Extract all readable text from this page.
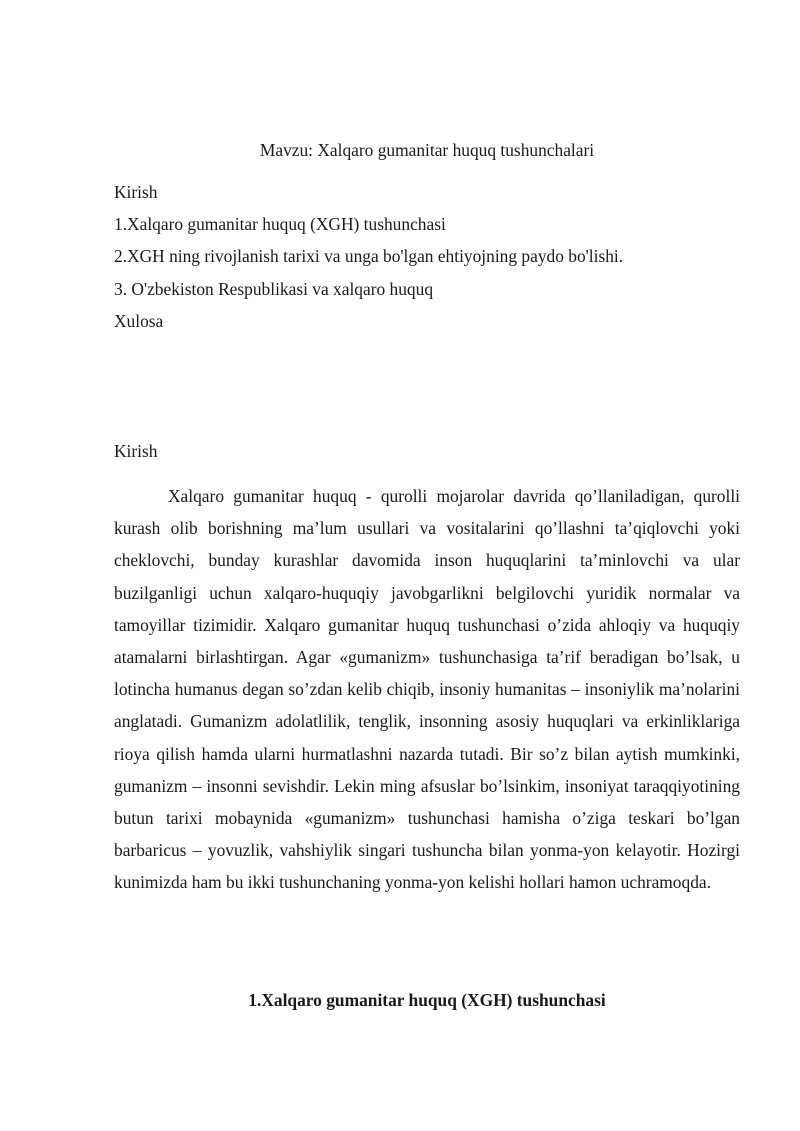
Mavzu: Xalqaro gumanitar huquq tushunchalari
Kirish
1.Xalqaro gumanitar huquq (XGH) tushunchasi
2.XGH ning rivojlanish tarixi va unga bo'lgan ehtiyojning paydo bo'lishi.
3. O'zbekiston Respublikasi va xalqaro huquq
Xulosa
Kirish

Xalqaro gumanitar huquq - qurolli mojarolar davrida qo’llaniladigan, qurolli kurash olib borishning ma’lum usullari va vositalarini qo’llashni ta’qiqlovchi yoki cheklovchi, bunday kurashlar davomida inson huquqlarini ta’minlovchi va ular buzilganligi uchun xalqaro-huquqiy javobgarlikni belgilovchi yuridik normalar va tamoyillar tizimidir. Xalqaro gumanitar huquq tushunchasi o’zida ahloqiy va huquqiy atamalarni birlashtirgan. Agar «gumanizm» tushunchasiga ta’rif beradigan bo’lsak, u lotincha humanus degan so’zdan kelib chiqib, insoniy humanitas – insoniylik ma’nolarini anglatadi. Gumanizm adolatlilik, tenglik, insonning asosiy huquqlari va erkinliklariga rioya qilish hamda ularni hurmatlashni nazarda tutadi. Bir so’z bilan aytish mumkinki, gumanizm – insonni sevishdir. Lekin ming afsuslar bo’lsinkim, insoniyat taraqqiyotining butun tarixi mobaynida «gumanizm» tushunchasi hamisha o’ziga teskari bo’lgan barbaricus – yovuzlik, vahshiylik singari tushuncha bilan yonma-yon kelayotir. Hozirgi kunimizda ham bu ikki tushunchaning yonma-yon kelishi hollari hamon uchramoqda.

1.Xalqaro gumanitar huquq (XGH) tushunchasi
